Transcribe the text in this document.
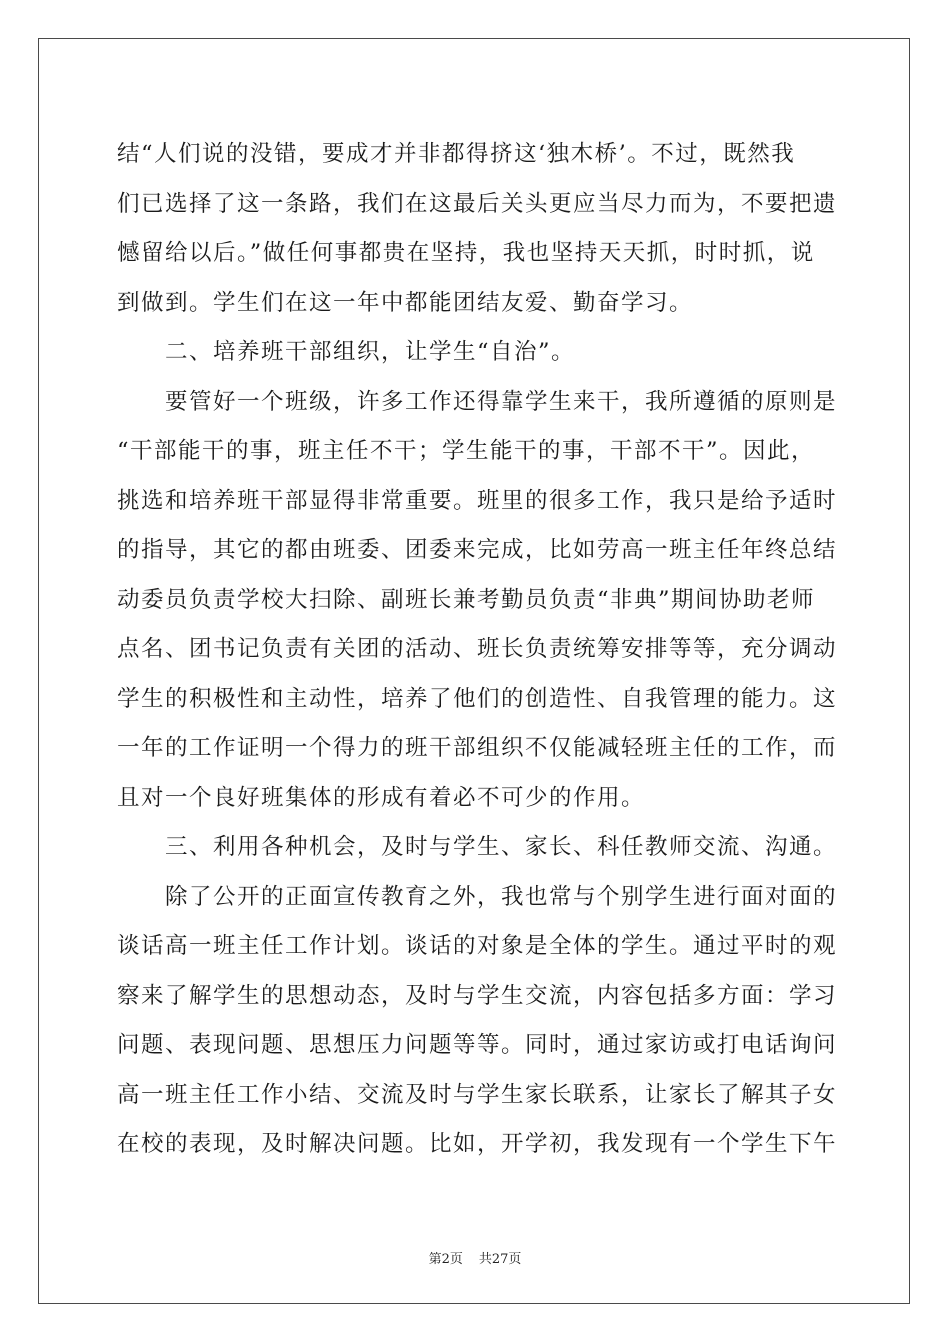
结“人们说的没错，要成才并非都得挤这‘独木桥’。不过，既然我
们已选择了这一条路，我们在这最后关头更应当尽力而为，不要把遗
憾留给以后。”做任何事都贵在坚持，我也坚持天天抓，时时抓，说
到做到。学生们在这一年中都能团结友爱、勤奋学习。
　　二、培养班干部组织，让学生“自治”。
　　要管好一个班级，许多工作还得靠学生来干，我所遵循的原则是
“干部能干的事，班主任不干；学生能干的事，干部不干”。因此，
挑选和培养班干部显得非常重要。班里的很多工作，我只是给予适时
的指导，其它的都由班委、团委来完成，比如劳高一班主任年终总结
动委员负责学校大扫除、副班长兼考勤员负责“非典”期间协助老师
点名、团书记负责有关团的活动、班长负责统筹安排等等，充分调动
学生的积极性和主动性，培养了他们的创造性、自我管理的能力。这
一年的工作证明一个得力的班干部组织不仅能减轻班主任的工作，而
且对一个良好班集体的形成有着必不可少的作用。
　　三、利用各种机会，及时与学生、家长、科任教师交流、沟通。
　　除了公开的正面宣传教育之外，我也常与个别学生进行面对面的
谈话高一班主任工作计划。谈话的对象是全体的学生。通过平时的观
察来了解学生的思想动态，及时与学生交流，内容包括多方面：学习
问题、表现问题、思想压力问题等等。同时，通过家访或打电话询问
高一班主任工作小结、交流及时与学生家长联系，让家长了解其子女
在校的表现，及时解决问题。比如，开学初，我发现有一个学生下午
第2页 共27页
